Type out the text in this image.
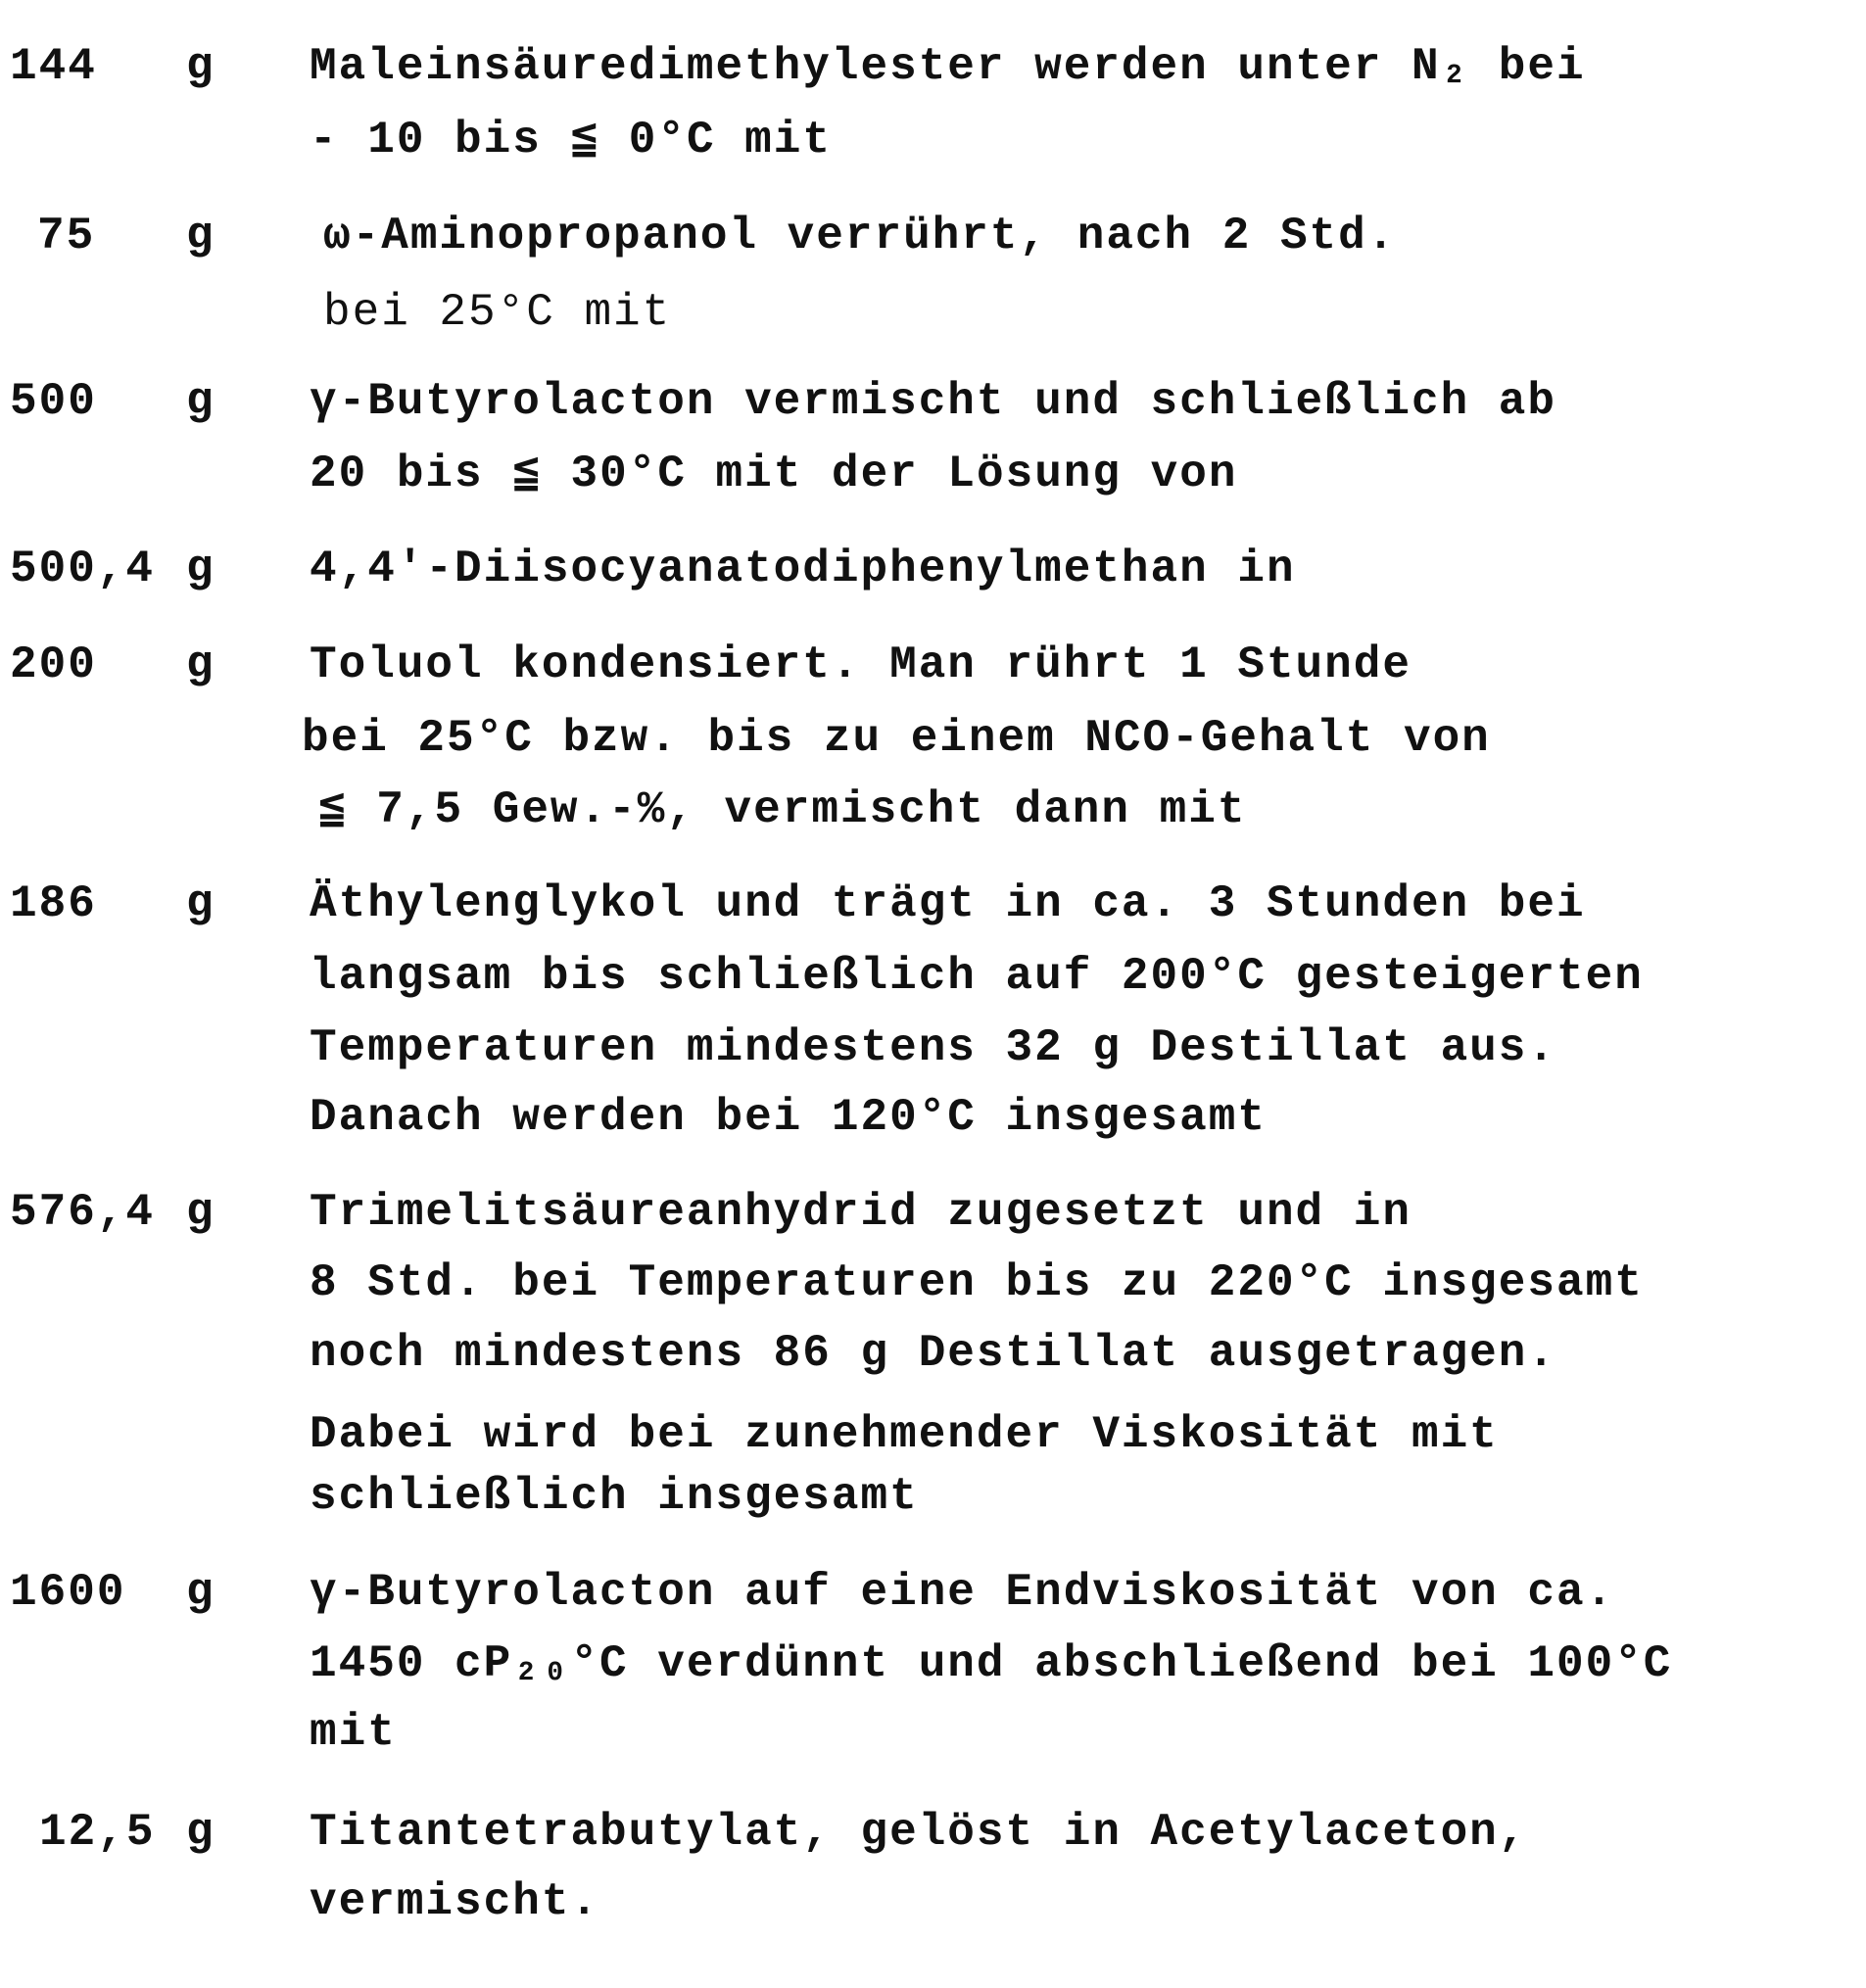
144 g Maleinsäuredimethylester werden unter N₂ bei
- 10 bis ≦ 0°C mit
75 g ω-Aminopropanol verrührt, nach 2 Std.
bei 25°C mit
500 g γ-Butyrolacton vermischt und schließlich ab
20 bis ≦ 30°C mit der Lösung von
500,4 g 4,4'-Diisocyanatodiphenylmethan in
200 g Toluol kondensiert. Man rührt 1 Stunde
bei 25°C bzw. bis zu einem NCO-Gehalt von
≦ 7,5 Gew.-%, vermischt dann mit
186 g Äthylenglykol und trägt in ca. 3 Stunden bei
langsam bis schließlich auf 200°C gesteigerten
Temperaturen mindestens 32 g Destillat aus.
Danach werden bei 120°C insgesamt
576,4 g Trimelitsäureanhydrid zugesetzt und in
8 Std. bei Temperaturen bis zu 220°C insgesamt
noch mindestens 86 g Destillat ausgetragen.
Dabei wird bei zunehmender Viskosität mit
schließlich insgesamt
1600 g γ-Butyrolacton auf eine Endviskosität von ca.
1450 cP₂₀°C verdünnt und abschließend bei 100°C
mit
12,5 g Titantetrabutylat, gelöst in Acetylaceton,
vermischt.
